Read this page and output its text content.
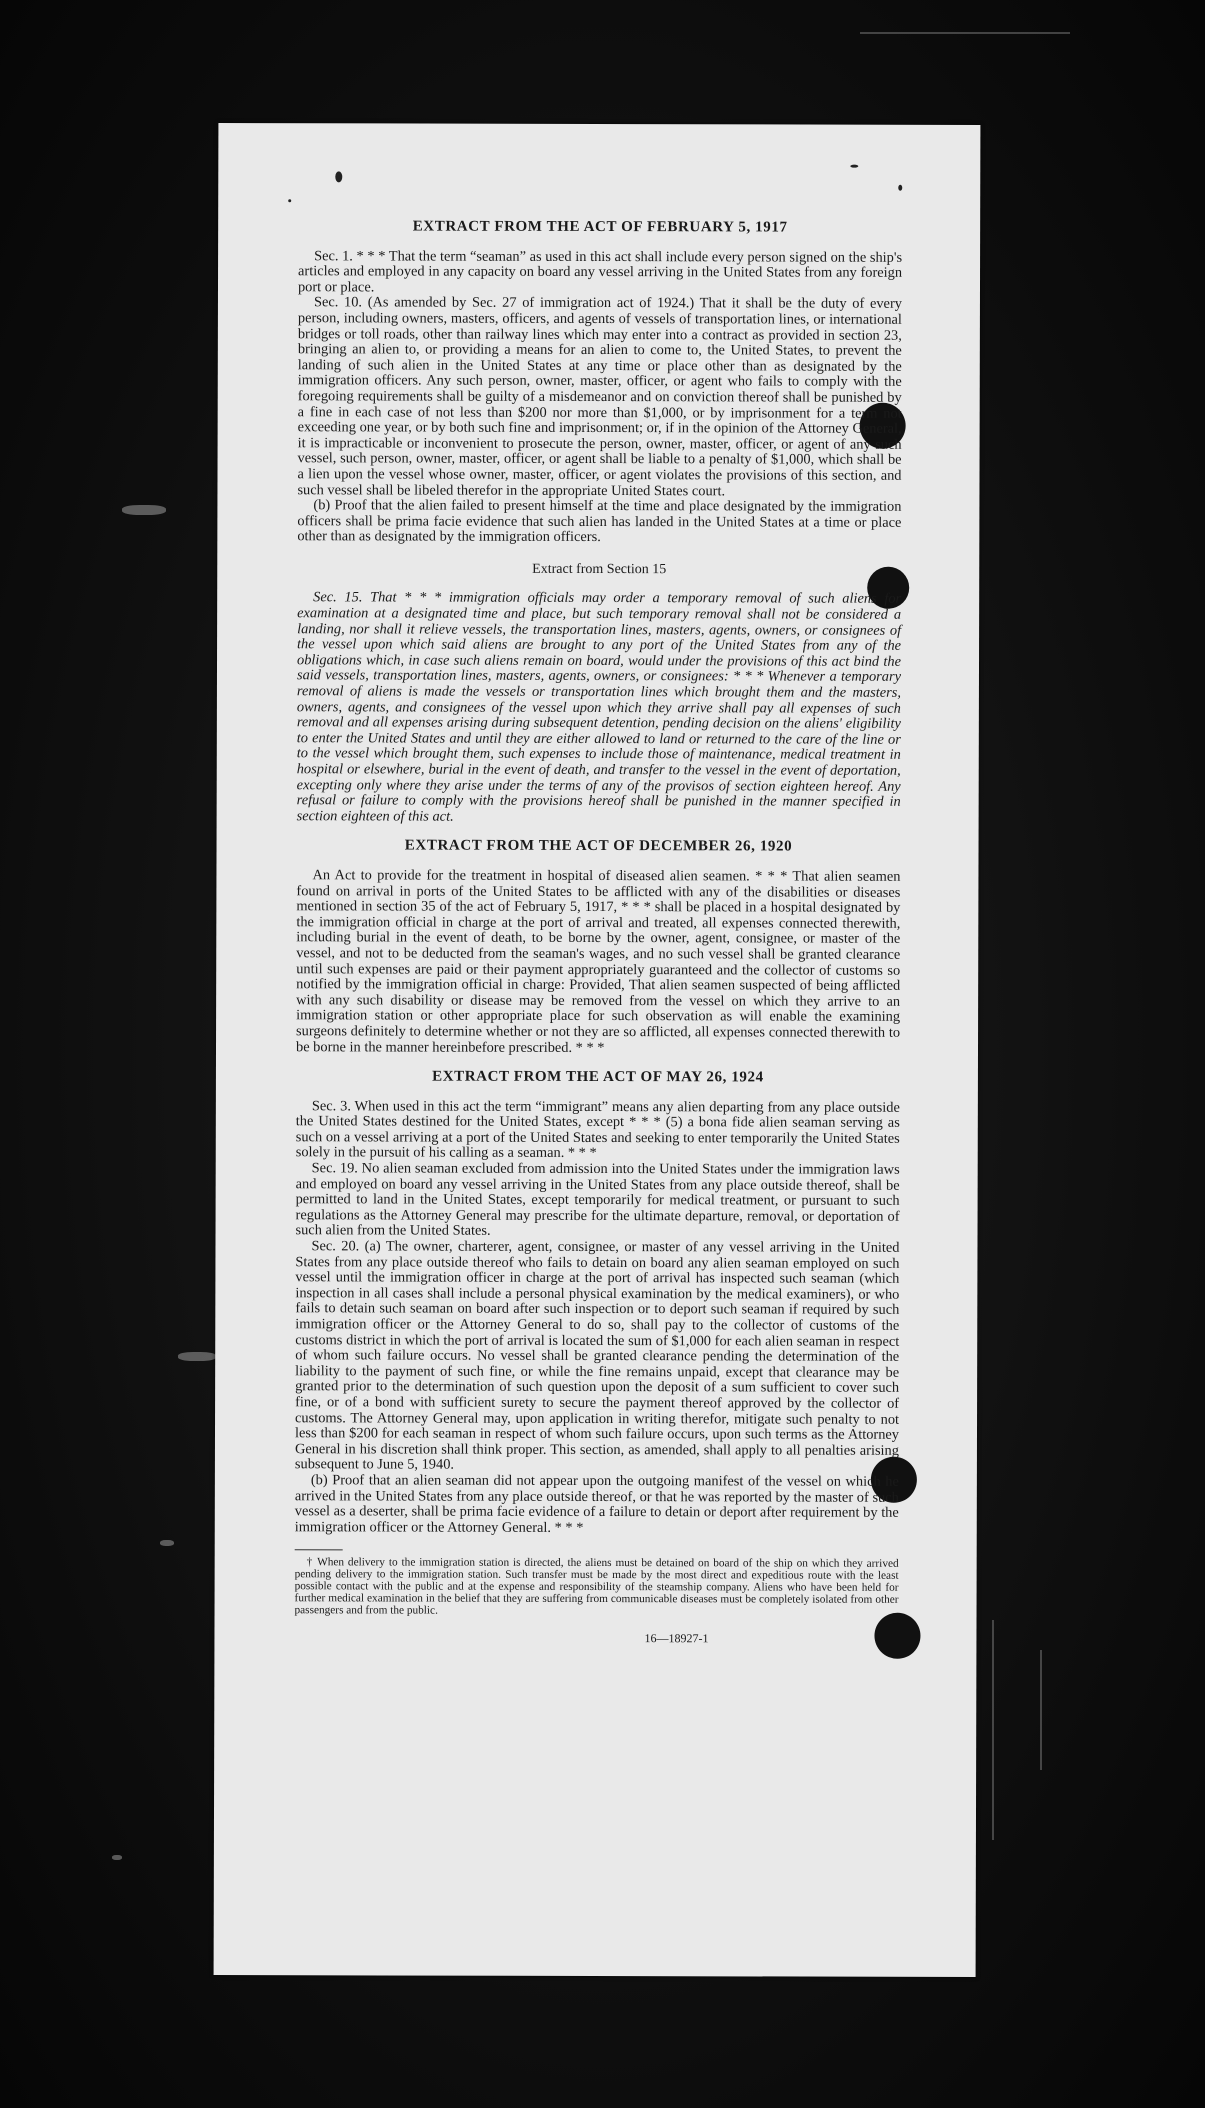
EXTRACT FROM THE ACT OF FEBRUARY 5, 1917

Sec. 1. * * * That the term “seaman” as used in this act shall include every person signed on the ship's articles and employed in any capacity on board any vessel arriving in the United States from any foreign port or place.

Sec. 10. (As amended by Sec. 27 of immigration act of 1924.) That it shall be the duty of every person, including owners, masters, officers, and agents of vessels of transportation lines, or international bridges or toll roads, other than railway lines which may enter into a contract as provided in section 23, bringing an alien to, or providing a means for an alien to come to, the United States, to prevent the landing of such alien in the United States at any time or place other than as designated by the immigration officers. Any such person, owner, master, officer, or agent who fails to comply with the foregoing requirements shall be guilty of a misdemeanor and on conviction thereof shall be punished by a fine in each case of not less than $200 nor more than $1,000, or by imprisonment for a term not exceeding one year, or by both such fine and imprisonment; or, if in the opinion of the Attorney General, it is impracticable or inconvenient to prosecute the person, owner, master, officer, or agent of any such vessel, such person, owner, master, officer, or agent shall be liable to a penalty of $1,000, which shall be a lien upon the vessel whose owner, master, officer, or agent violates the provisions of this section, and such vessel shall be libeled therefor in the appropriate United States court.

(b) Proof that the alien failed to present himself at the time and place designated by the immigration officers shall be prima facie evidence that such alien has landed in the United States at a time or place other than as designated by the immigration officers.

Extract from Section 15

Sec. 15. That * * * immigration officials may order a temporary removal of such aliens for examination at a designated time and place, but such temporary removal shall not be considered a landing, nor shall it relieve vessels, the transportation lines, masters, agents, owners, or consignees of the vessel upon which said aliens are brought to any port of the United States from any of the obligations which, in case such aliens remain on board, would under the provisions of this act bind the said vessels, transportation lines, masters, agents, owners, or consignees: * * * Whenever a temporary removal of aliens is made the vessels or transportation lines which brought them and the masters, owners, agents, and consignees of the vessel upon which they arrive shall pay all expenses of such removal and all expenses arising during subsequent detention, pending decision on the aliens' eligibility to enter the United States and until they are either allowed to land or returned to the care of the line or to the vessel which brought them, such expenses to include those of maintenance, medical treatment in hospital or elsewhere, burial in the event of death, and transfer to the vessel in the event of deportation, excepting only where they arise under the terms of any of the provisos of section eighteen hereof. Any refusal or failure to comply with the provisions hereof shall be punished in the manner specified in section eighteen of this act.

EXTRACT FROM THE ACT OF DECEMBER 26, 1920

An Act to provide for the treatment in hospital of diseased alien seamen. * * * That alien seamen found on arrival in ports of the United States to be afflicted with any of the disabilities or diseases mentioned in section 35 of the act of February 5, 1917, * * * shall be placed in a hospital designated by the immigration official in charge at the port of arrival and treated, all expenses connected therewith, including burial in the event of death, to be borne by the owner, agent, consignee, or master of the vessel, and not to be deducted from the seaman's wages, and no such vessel shall be granted clearance until such expenses are paid or their payment appropriately guaranteed and the collector of customs so notified by the immigration official in charge: Provided, That alien seamen suspected of being afflicted with any such disability or disease may be removed from the vessel on which they arrive to an immigration station or other appropriate place for such observation as will enable the examining surgeons definitely to determine whether or not they are so afflicted, all expenses connected therewith to be borne in the manner hereinbefore prescribed. * * *

EXTRACT FROM THE ACT OF MAY 26, 1924

Sec. 3. When used in this act the term “immigrant” means any alien departing from any place outside the United States destined for the United States, except * * * (5) a bona fide alien seaman serving as such on a vessel arriving at a port of the United States and seeking to enter temporarily the United States solely in the pursuit of his calling as a seaman. * * *

Sec. 19. No alien seaman excluded from admission into the United States under the immigration laws and employed on board any vessel arriving in the United States from any place outside thereof, shall be permitted to land in the United States, except temporarily for medical treatment, or pursuant to such regulations as the Attorney General may prescribe for the ultimate departure, removal, or deportation of such alien from the United States.

Sec. 20. (a) The owner, charterer, agent, consignee, or master of any vessel arriving in the United States from any place outside thereof who fails to detain on board any alien seaman employed on such vessel until the immigration officer in charge at the port of arrival has inspected such seaman (which inspection in all cases shall include a personal physical examination by the medical examiners), or who fails to detain such seaman on board after such inspection or to deport such seaman if required by such immigration officer or the Attorney General to do so, shall pay to the collector of customs of the customs district in which the port of arrival is located the sum of $1,000 for each alien seaman in respect of whom such failure occurs. No vessel shall be granted clearance pending the determination of the liability to the payment of such fine, or while the fine remains unpaid, except that clearance may be granted prior to the determination of such question upon the deposit of a sum sufficient to cover such fine, or of a bond with sufficient surety to secure the payment thereof approved by the collector of customs. The Attorney General may, upon application in writing therefor, mitigate such penalty to not less than $200 for each seaman in respect of whom such failure occurs, upon such terms as the Attorney General in his discretion shall think proper. This section, as amended, shall apply to all penalties arising subsequent to June 5, 1940.

(b) Proof that an alien seaman did not appear upon the outgoing manifest of the vessel on which he arrived in the United States from any place outside thereof, or that he was reported by the master of such vessel as a deserter, shall be prima facie evidence of a failure to detain or deport after requirement by the immigration officer or the Attorney General. * * *

† When delivery to the immigration station is directed, the aliens must be detained on board of the ship on which they arrived pending delivery to the immigration station. Such transfer must be made by the most direct and expeditious route with the least possible contact with the public and at the expense and responsibility of the steamship company. Aliens who have been held for further medical examination in the belief that they are suffering from communicable diseases must be completely isolated from other passengers and from the public.

16—18927-1
